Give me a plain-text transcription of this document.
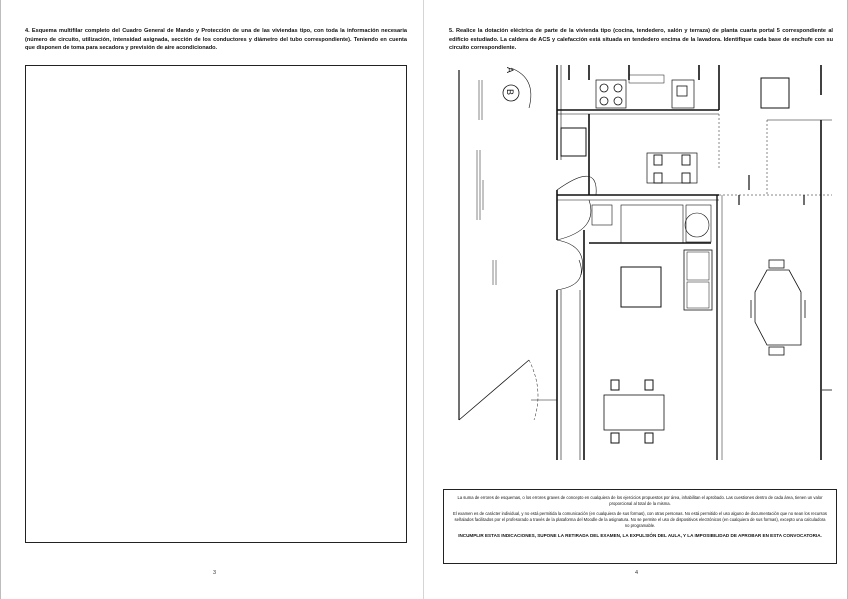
4. Esquema multifilar completo del Cuadro General de Mando y Protección de una de las viviendas tipo, con toda la información necesaria (número de circuito, utilización, intensidad asignada, sección de los conductores y diámetro del tubo correspondiente). Teniendo en cuenta que disponen de toma para secadora y previsión de aire acondicionado.

3

5. Realice la dotación eléctrica de parte de la vivienda tipo (cocina, tendedero, salón y terraza) de planta cuarta portal 5 correspondiente al edificio estudiado. La caldera de ACS y calefacción está situada en tendedero encima de la lavadora. Identifique cada base de enchufe con su circuito correspondiente.

A
B

La suma de errores de esquemas, o los errores graves de concepto en cualquiera de los ejercicios propuestos por área, inhabilitan el aprobado. Las cuestiones dentro de cada área, tienen un valor proporcional al total de la misma.

El examen es de carácter individual, y no está permitida la comunicación (en cualquiera de sus formas), con otras personas. No está permitido el uso alguno de documentación que no sean los recursos señalados facilitados por el profesorado a través de la plataforma del Moodle de la asignatura. No se permite el uso de dispositivos electrónicos (en cualquiera de sus formas), excepto una calculadora no programable.

INCUMPLIR ESTAS INDICACIONES, SUPONE LA RETIRADA DEL EXAMEN, LA EXPULSIÓN DEL AULA, Y LA IMPOSIBILIDAD DE APROBAR EN ESTA CONVOCATORIA.

4
